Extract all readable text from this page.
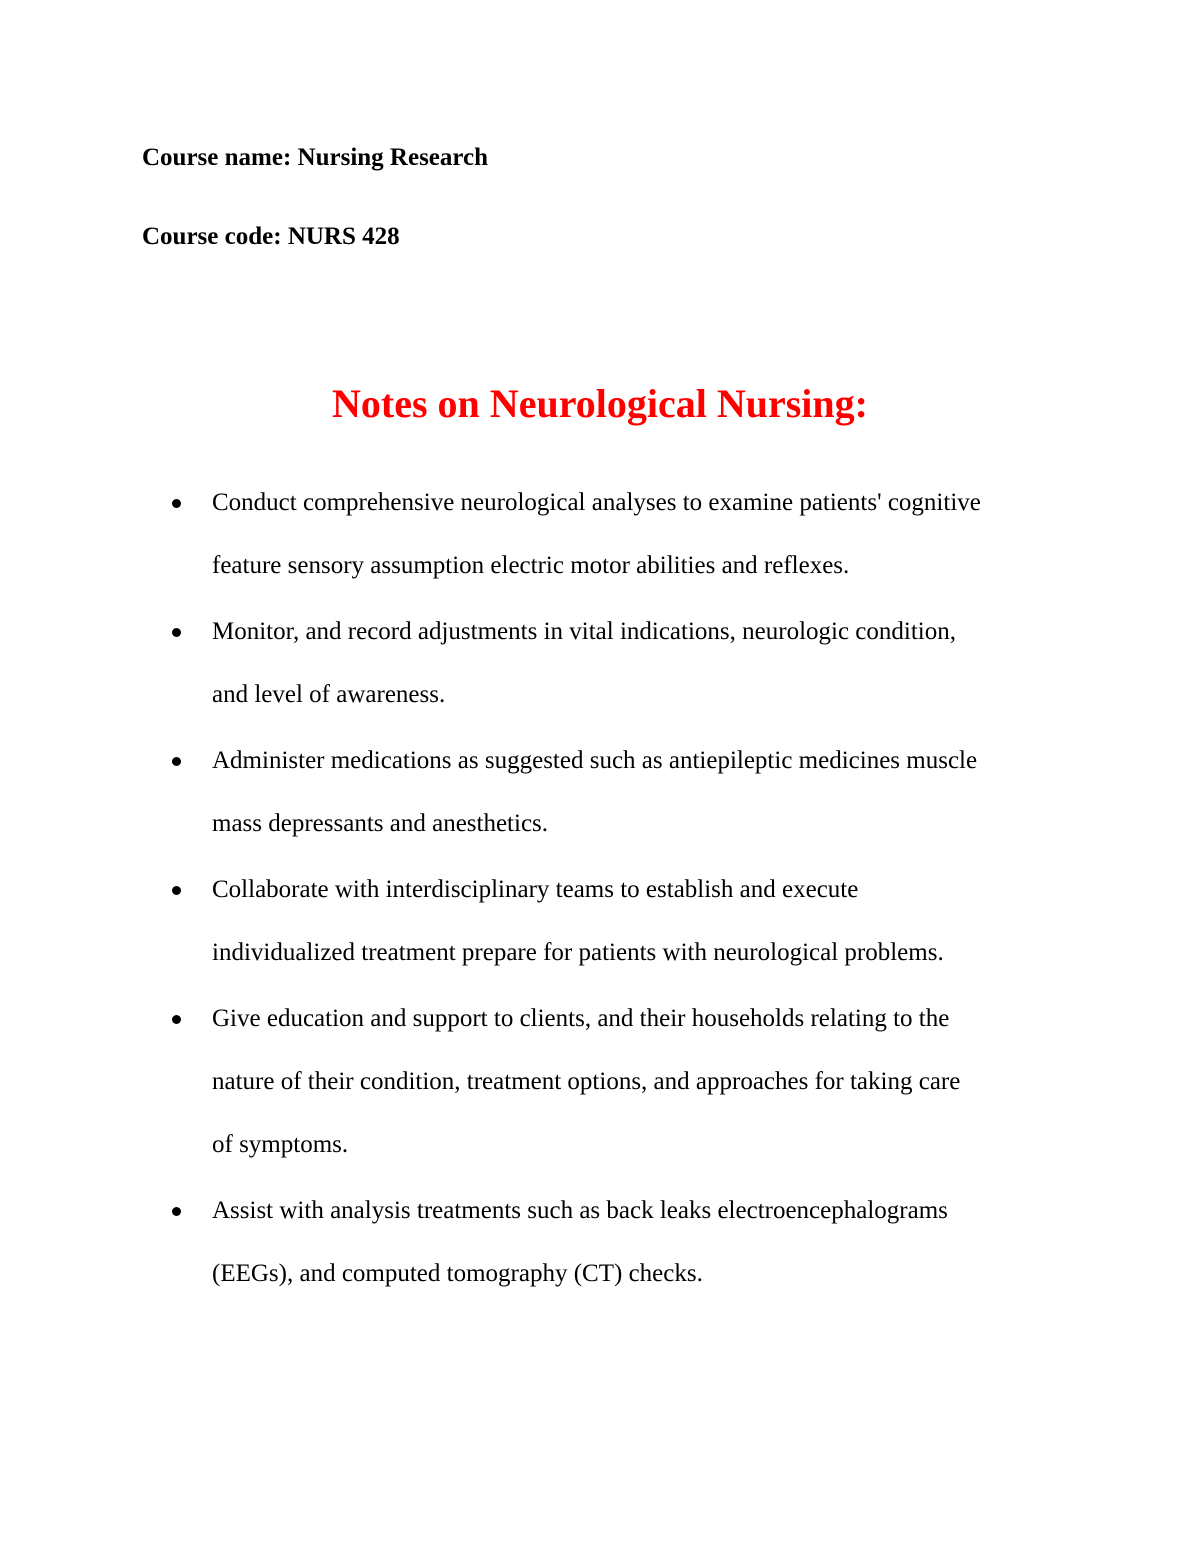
Course name: Nursing Research
Course code: NURS 428
Notes on Neurological Nursing:
Conduct comprehensive neurological analyses to examine patients' cognitive
feature sensory assumption electric motor abilities and reflexes.
Monitor, and record adjustments in vital indications, neurologic condition,
and level of awareness.
Administer medications as suggested such as antiepileptic medicines muscle
mass depressants and anesthetics.
Collaborate with interdisciplinary teams to establish and execute
individualized treatment prepare for patients with neurological problems.
Give education and support to clients, and their households relating to the
nature of their condition, treatment options, and approaches for taking care
of symptoms.
Assist with analysis treatments such as back leaks electroencephalograms
(EEGs), and computed tomography (CT) checks.
